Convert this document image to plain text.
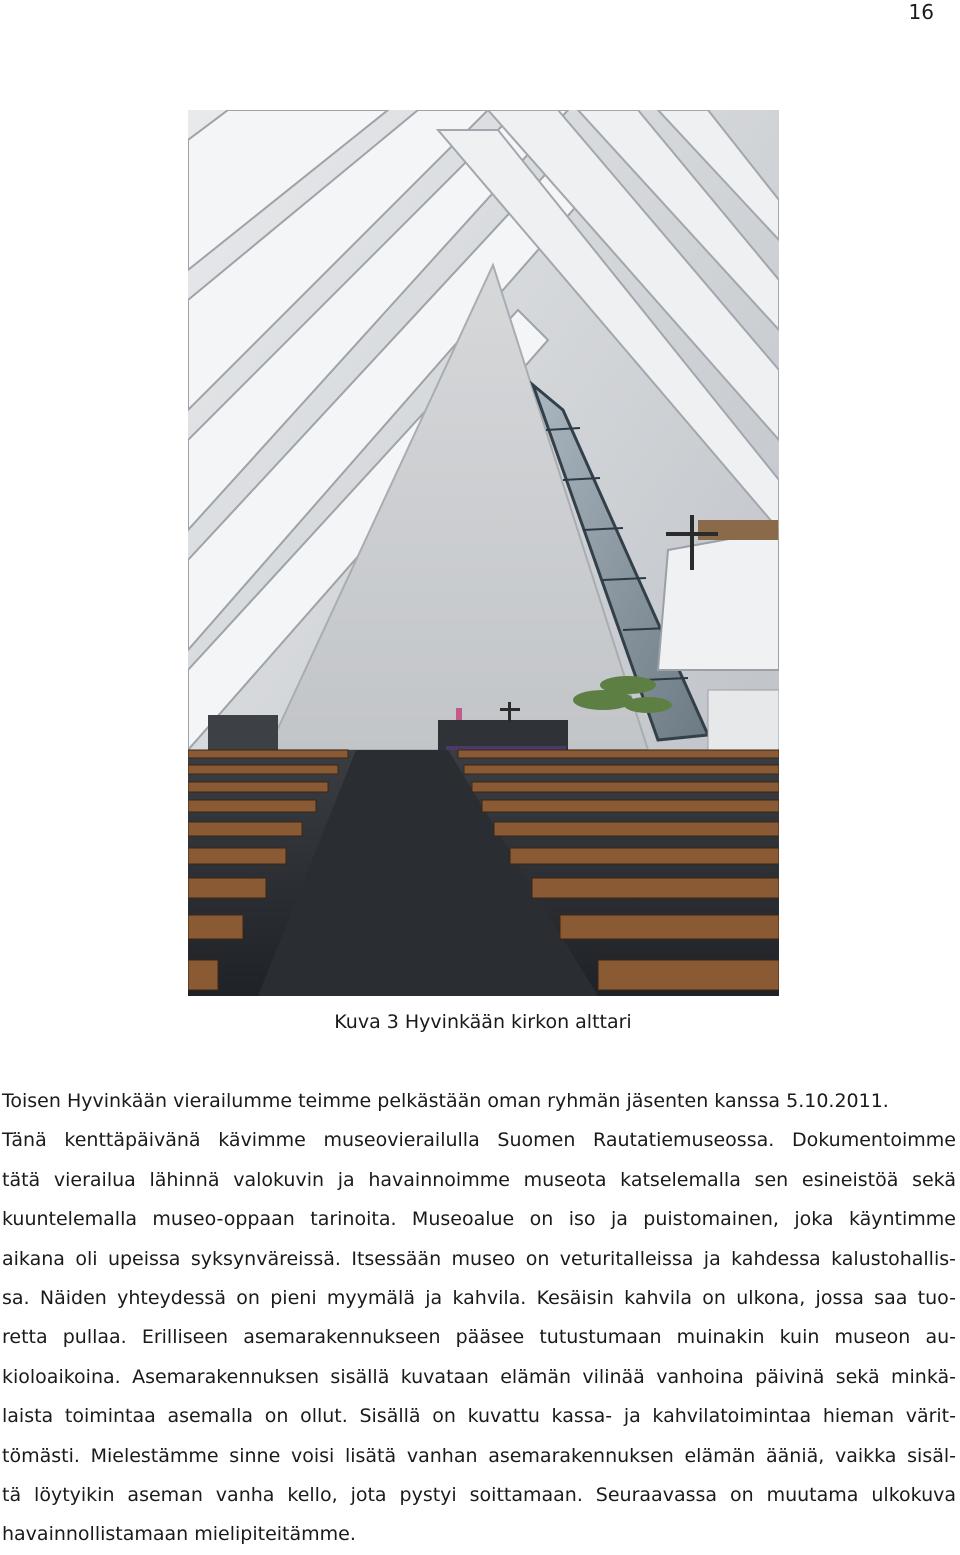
16
Kuva 3 Hyvinkään kirkon alttari
Toisen Hyvinkään vierailumme teimme pelkästään oman ryhmän jäsenten kanssa 5.10.2011.
Tänä kenttäpäivänä kävimme museovierailulla Suomen Rautatiemuseossa. Dokumentoimme
tätä vierailua lähinnä valokuvin ja havainnoimme museota katselemalla sen esineistöä sekä
kuuntelemalla museo-oppaan tarinoita. Museoalue on iso ja puistomainen, joka käyntimme
aikana oli upeissa syksynväreissä. Itsessään museo on veturitalleissa ja kahdessa kalustohallis-
sa. Näiden yhteydessä on pieni myymälä ja kahvila. Kesäisin kahvila on ulkona, jossa saa tuo-
retta pullaa. Erilliseen asemarakennukseen pääsee tutustumaan muinakin kuin museon au-
kioloaikoina. Asemarakennuksen sisällä kuvataan elämän vilinää vanhoina päivinä sekä minkä-
laista toimintaa asemalla on ollut. Sisällä on kuvattu kassa- ja kahvilatoimintaa hieman värit-
tömästi. Mielestämme sinne voisi lisätä vanhan asemarakennuksen elämän ääniä, vaikka sisäl-
tä löytyikin aseman vanha kello, jota pystyi soittamaan. Seuraavassa on muutama ulkokuva
havainnollistamaan mielipiteitämme.
